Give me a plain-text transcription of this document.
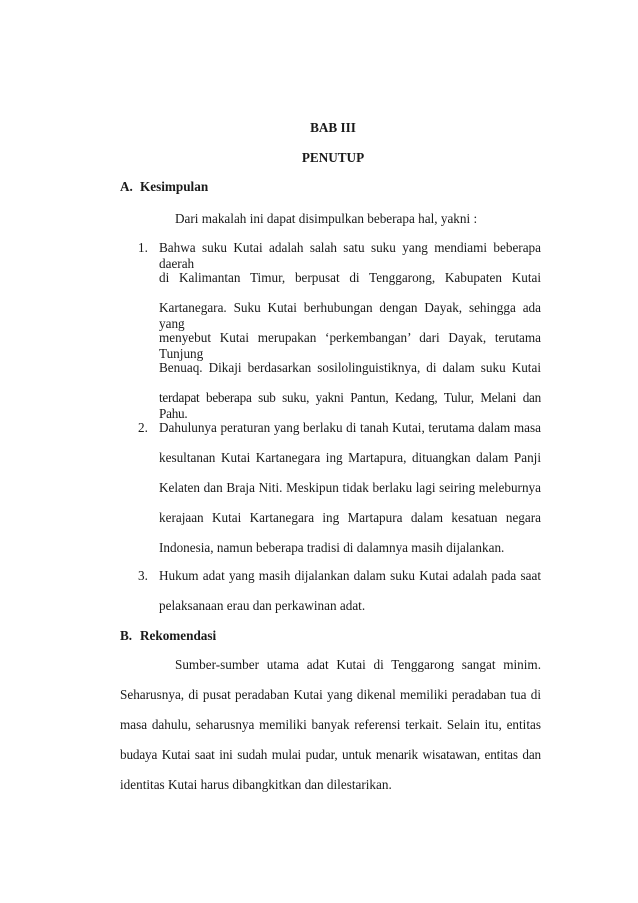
BAB III
PENUTUP
A. Kesimpulan
Dari makalah ini dapat disimpulkan beberapa hal, yakni :
1. Bahwa suku Kutai adalah salah satu suku yang mendiami beberapa daerah
di Kalimantan Timur, berpusat di Tenggarong, Kabupaten Kutai
Kartanegara. Suku Kutai berhubungan dengan Dayak, sehingga ada yang
menyebut Kutai merupakan ‘perkembangan’ dari Dayak, terutama Tunjung
Benuaq. Dikaji berdasarkan sosilolinguistiknya, di dalam suku Kutai
terdapat beberapa sub suku, yakni Pantun, Kedang, Tulur, Melani dan Pahu.
2. Dahulunya peraturan yang berlaku di tanah Kutai, terutama dalam masa
kesultanan Kutai Kartanegara ing Martapura, dituangkan dalam Panji
Kelaten dan Braja Niti. Meskipun tidak berlaku lagi seiring meleburnya
kerajaan Kutai Kartanegara ing Martapura dalam kesatuan negara
Indonesia, namun beberapa tradisi di dalamnya masih dijalankan.
3. Hukum adat yang masih dijalankan dalam suku Kutai adalah pada saat
pelaksanaan erau dan perkawinan adat.
B. Rekomendasi
Sumber-sumber utama adat Kutai di Tenggarong sangat minim.
Seharusnya, di pusat peradaban Kutai yang dikenal memiliki peradaban tua di
masa dahulu, seharusnya memiliki banyak referensi terkait. Selain itu, entitas
budaya Kutai saat ini sudah mulai pudar, untuk menarik wisatawan, entitas dan
identitas Kutai harus dibangkitkan dan dilestarikan.
